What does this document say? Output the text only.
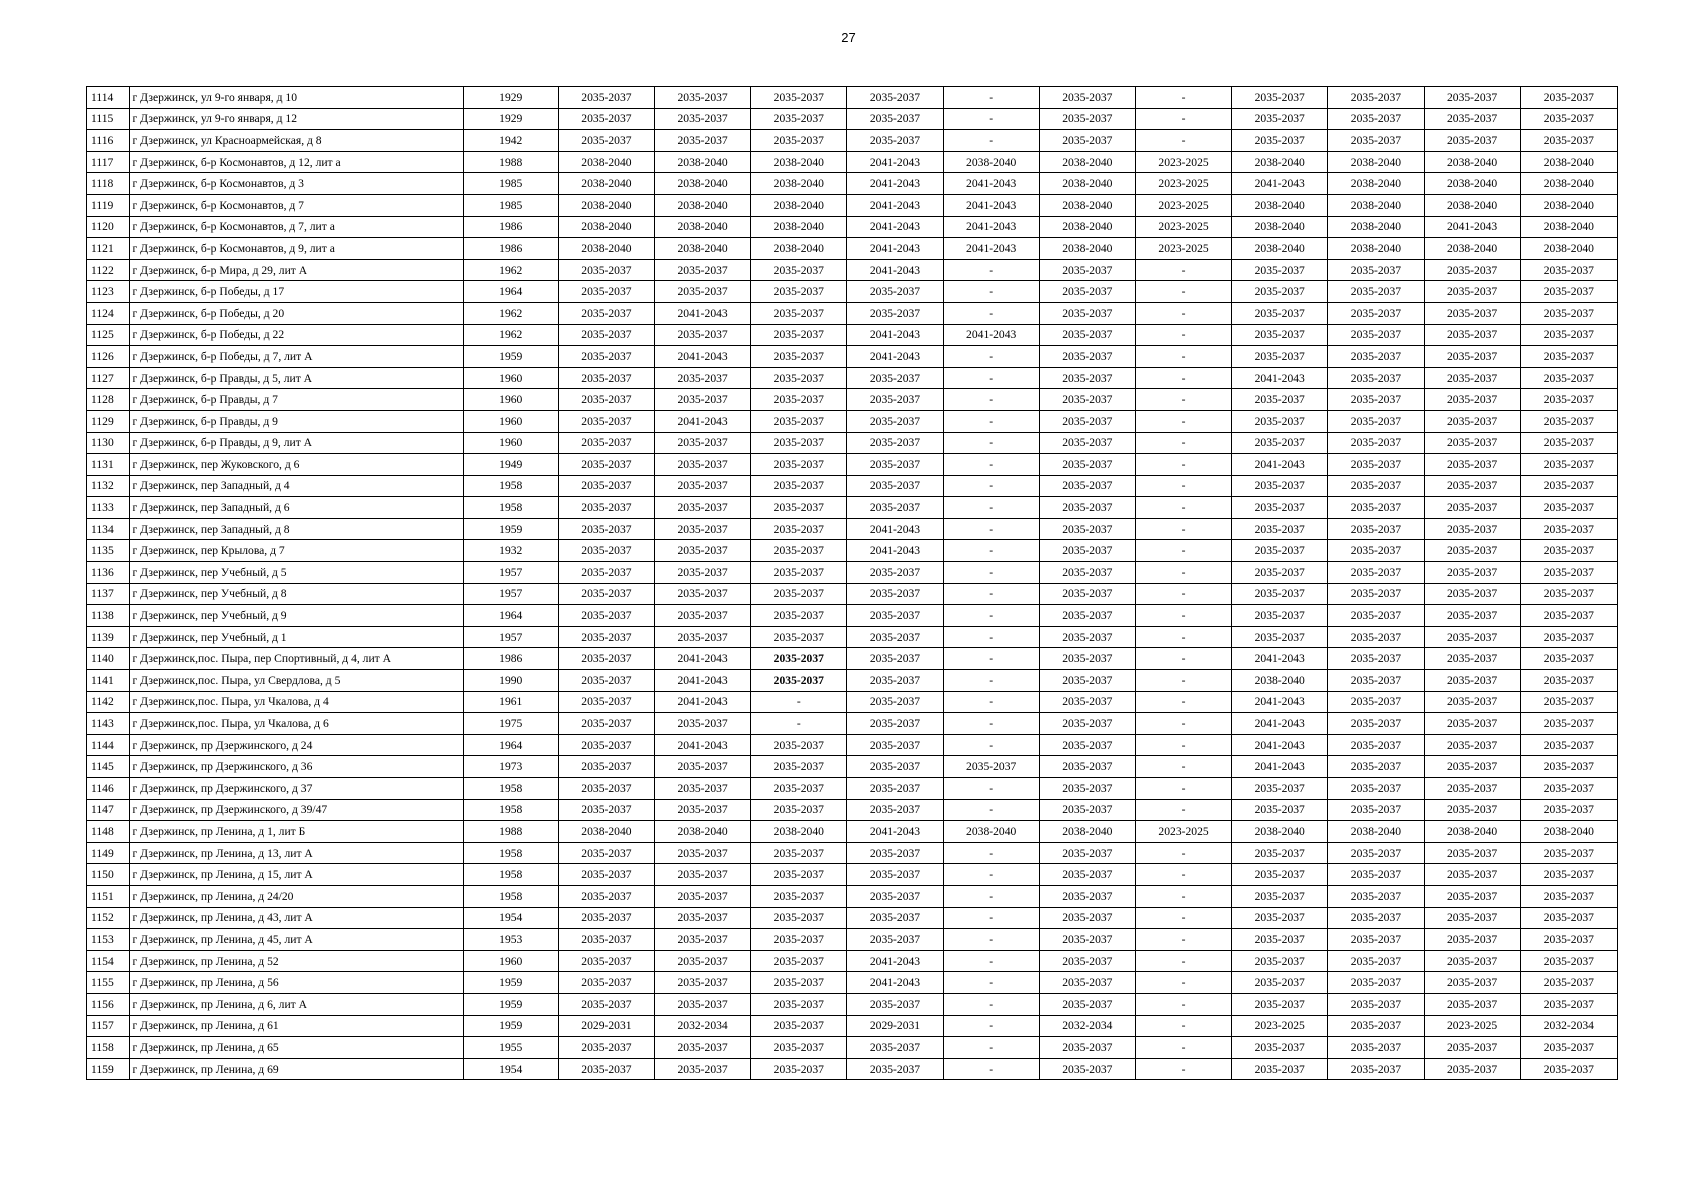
27
1114	г Дзержинск, ул 9-го января, д 10	1929	2035-2037	2035-2037	2035-2037	2035-2037	-	2035-2037	-	2035-2037	2035-2037	2035-2037	2035-2037
1115	г Дзержинск, ул 9-го января, д 12	1929	2035-2037	2035-2037	2035-2037	2035-2037	-	2035-2037	-	2035-2037	2035-2037	2035-2037	2035-2037
1116	г Дзержинск, ул Красноармейская, д 8	1942	2035-2037	2035-2037	2035-2037	2035-2037	-	2035-2037	-	2035-2037	2035-2037	2035-2037	2035-2037
1117	г Дзержинск, б-р Космонавтов, д 12, лит а	1988	2038-2040	2038-2040	2038-2040	2041-2043	2038-2040	2038-2040	2023-2025	2038-2040	2038-2040	2038-2040	2038-2040
1118	г Дзержинск, б-р Космонавтов, д 3	1985	2038-2040	2038-2040	2038-2040	2041-2043	2041-2043	2038-2040	2023-2025	2041-2043	2038-2040	2038-2040	2038-2040
1119	г Дзержинск, б-р Космонавтов, д 7	1985	2038-2040	2038-2040	2038-2040	2041-2043	2041-2043	2038-2040	2023-2025	2038-2040	2038-2040	2038-2040	2038-2040
1120	г Дзержинск, б-р Космонавтов, д 7, лит а	1986	2038-2040	2038-2040	2038-2040	2041-2043	2041-2043	2038-2040	2023-2025	2038-2040	2038-2040	2041-2043	2038-2040
1121	г Дзержинск, б-р Космонавтов, д 9, лит а	1986	2038-2040	2038-2040	2038-2040	2041-2043	2041-2043	2038-2040	2023-2025	2038-2040	2038-2040	2038-2040	2038-2040
1122	г Дзержинск, б-р Мира, д 29, лит А	1962	2035-2037	2035-2037	2035-2037	2041-2043	-	2035-2037	-	2035-2037	2035-2037	2035-2037	2035-2037
1123	г Дзержинск, б-р Победы, д 17	1964	2035-2037	2035-2037	2035-2037	2035-2037	-	2035-2037	-	2035-2037	2035-2037	2035-2037	2035-2037
1124	г Дзержинск, б-р Победы, д 20	1962	2035-2037	2041-2043	2035-2037	2035-2037	-	2035-2037	-	2035-2037	2035-2037	2035-2037	2035-2037
1125	г Дзержинск, б-р Победы, д 22	1962	2035-2037	2035-2037	2035-2037	2041-2043	2041-2043	2035-2037	-	2035-2037	2035-2037	2035-2037	2035-2037
1126	г Дзержинск, б-р Победы, д 7, лит А	1959	2035-2037	2041-2043	2035-2037	2041-2043	-	2035-2037	-	2035-2037	2035-2037	2035-2037	2035-2037
1127	г Дзержинск, б-р Правды, д 5, лит А	1960	2035-2037	2035-2037	2035-2037	2035-2037	-	2035-2037	-	2041-2043	2035-2037	2035-2037	2035-2037
1128	г Дзержинск, б-р Правды, д 7	1960	2035-2037	2035-2037	2035-2037	2035-2037	-	2035-2037	-	2035-2037	2035-2037	2035-2037	2035-2037
1129	г Дзержинск, б-р Правды, д 9	1960	2035-2037	2041-2043	2035-2037	2035-2037	-	2035-2037	-	2035-2037	2035-2037	2035-2037	2035-2037
1130	г Дзержинск, б-р Правды, д 9, лит А	1960	2035-2037	2035-2037	2035-2037	2035-2037	-	2035-2037	-	2035-2037	2035-2037	2035-2037	2035-2037
1131	г Дзержинск, пер Жуковского, д 6	1949	2035-2037	2035-2037	2035-2037	2035-2037	-	2035-2037	-	2041-2043	2035-2037	2035-2037	2035-2037
1132	г Дзержинск, пер Западный, д 4	1958	2035-2037	2035-2037	2035-2037	2035-2037	-	2035-2037	-	2035-2037	2035-2037	2035-2037	2035-2037
1133	г Дзержинск, пер Западный, д 6	1958	2035-2037	2035-2037	2035-2037	2035-2037	-	2035-2037	-	2035-2037	2035-2037	2035-2037	2035-2037
1134	г Дзержинск, пер Западный, д 8	1959	2035-2037	2035-2037	2035-2037	2041-2043	-	2035-2037	-	2035-2037	2035-2037	2035-2037	2035-2037
1135	г Дзержинск, пер Крылова, д 7	1932	2035-2037	2035-2037	2035-2037	2041-2043	-	2035-2037	-	2035-2037	2035-2037	2035-2037	2035-2037
1136	г Дзержинск, пер Учебный, д 5	1957	2035-2037	2035-2037	2035-2037	2035-2037	-	2035-2037	-	2035-2037	2035-2037	2035-2037	2035-2037
1137	г Дзержинск, пер Учебный, д 8	1957	2035-2037	2035-2037	2035-2037	2035-2037	-	2035-2037	-	2035-2037	2035-2037	2035-2037	2035-2037
1138	г Дзержинск, пер Учебный, д 9	1964	2035-2037	2035-2037	2035-2037	2035-2037	-	2035-2037	-	2035-2037	2035-2037	2035-2037	2035-2037
1139	г Дзержинск, пер Учебный, д 1	1957	2035-2037	2035-2037	2035-2037	2035-2037	-	2035-2037	-	2035-2037	2035-2037	2035-2037	2035-2037
1140	г Дзержинск,пос. Пыра, пер Спортивный, д 4, лит А	1986	2035-2037	2041-2043	2035-2037	2035-2037	-	2035-2037	-	2041-2043	2035-2037	2035-2037	2035-2037
1141	г Дзержинск,пос. Пыра, ул Свердлова, д 5	1990	2035-2037	2041-2043	2035-2037	2035-2037	-	2035-2037	-	2038-2040	2035-2037	2035-2037	2035-2037
1142	г Дзержинск,пос. Пыра, ул Чкалова, д 4	1961	2035-2037	2041-2043	-	2035-2037	-	2035-2037	-	2041-2043	2035-2037	2035-2037	2035-2037
1143	г Дзержинск,пос. Пыра, ул Чкалова, д 6	1975	2035-2037	2035-2037	-	2035-2037	-	2035-2037	-	2041-2043	2035-2037	2035-2037	2035-2037
1144	г Дзержинск, пр Дзержинского, д 24	1964	2035-2037	2041-2043	2035-2037	2035-2037	-	2035-2037	-	2041-2043	2035-2037	2035-2037	2035-2037
1145	г Дзержинск, пр Дзержинского, д 36	1973	2035-2037	2035-2037	2035-2037	2035-2037	2035-2037	2035-2037	-	2041-2043	2035-2037	2035-2037	2035-2037
1146	г Дзержинск, пр Дзержинского, д 37	1958	2035-2037	2035-2037	2035-2037	2035-2037	-	2035-2037	-	2035-2037	2035-2037	2035-2037	2035-2037
1147	г Дзержинск, пр Дзержинского, д 39/47	1958	2035-2037	2035-2037	2035-2037	2035-2037	-	2035-2037	-	2035-2037	2035-2037	2035-2037	2035-2037
1148	г Дзержинск, пр Ленина, д 1, лит Б	1988	2038-2040	2038-2040	2038-2040	2041-2043	2038-2040	2038-2040	2023-2025	2038-2040	2038-2040	2038-2040	2038-2040
1149	г Дзержинск, пр Ленина, д 13, лит А	1958	2035-2037	2035-2037	2035-2037	2035-2037	-	2035-2037	-	2035-2037	2035-2037	2035-2037	2035-2037
1150	г Дзержинск, пр Ленина, д 15, лит А	1958	2035-2037	2035-2037	2035-2037	2035-2037	-	2035-2037	-	2035-2037	2035-2037	2035-2037	2035-2037
1151	г Дзержинск, пр Ленина, д 24/20	1958	2035-2037	2035-2037	2035-2037	2035-2037	-	2035-2037	-	2035-2037	2035-2037	2035-2037	2035-2037
1152	г Дзержинск, пр Ленина, д 43, лит А	1954	2035-2037	2035-2037	2035-2037	2035-2037	-	2035-2037	-	2035-2037	2035-2037	2035-2037	2035-2037
1153	г Дзержинск, пр Ленина, д 45, лит А	1953	2035-2037	2035-2037	2035-2037	2035-2037	-	2035-2037	-	2035-2037	2035-2037	2035-2037	2035-2037
1154	г Дзержинск, пр Ленина, д 52	1960	2035-2037	2035-2037	2035-2037	2041-2043	-	2035-2037	-	2035-2037	2035-2037	2035-2037	2035-2037
1155	г Дзержинск, пр Ленина, д 56	1959	2035-2037	2035-2037	2035-2037	2041-2043	-	2035-2037	-	2035-2037	2035-2037	2035-2037	2035-2037
1156	г Дзержинск, пр Ленина, д 6, лит А	1959	2035-2037	2035-2037	2035-2037	2035-2037	-	2035-2037	-	2035-2037	2035-2037	2035-2037	2035-2037
1157	г Дзержинск, пр Ленина, д 61	1959	2029-2031	2032-2034	2035-2037	2029-2031	-	2032-2034	-	2023-2025	2035-2037	2023-2025	2032-2034
1158	г Дзержинск, пр Ленина, д 65	1955	2035-2037	2035-2037	2035-2037	2035-2037	-	2035-2037	-	2035-2037	2035-2037	2035-2037	2035-2037
1159	г Дзержинск, пр Ленина, д 69	1954	2035-2037	2035-2037	2035-2037	2035-2037	-	2035-2037	-	2035-2037	2035-2037	2035-2037	2035-2037
